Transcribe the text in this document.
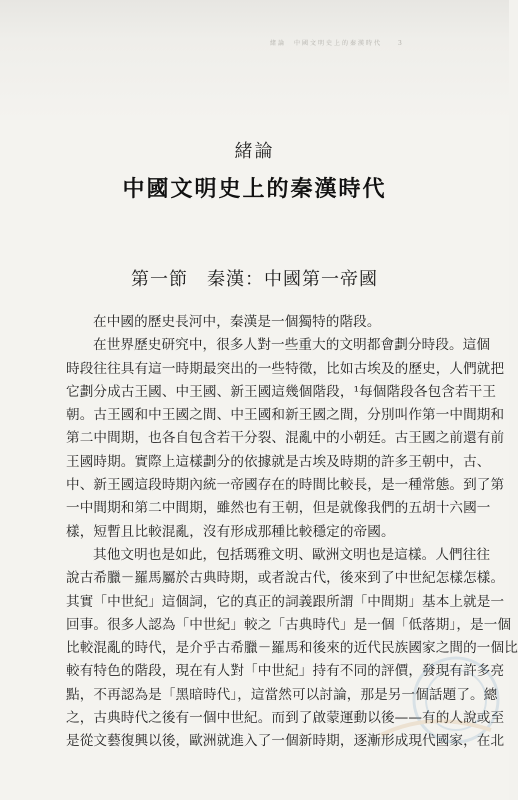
緒論　中國文明史上的秦漢時代　　3
緒論
中國文明史上的秦漢時代
第一節　秦漢：中國第一帝國
在中國的歷史長河中，秦漢是一個獨特的階段。
在世界歷史研究中，很多人對一些重大的文明都會劃分時段。這個
時段往往具有這一時期最突出的一些特徵，比如古埃及的歷史，人們就把
它劃分成古王國、中王國、新王國這幾個階段，¹每個階段各包含若干王
朝。古王國和中王國之間、中王國和新王國之間，分別叫作第一中間期和
第二中間期，也各自包含若干分裂、混亂中的小朝廷。古王國之前還有前
王國時期。實際上這樣劃分的依據就是古埃及時期的許多王朝中，古、
中、新王國這段時期內統一帝國存在的時間比較長，是一種常態。到了第
一中間期和第二中間期，雖然也有王朝，但是就像我們的五胡十六國一
樣，短暫且比較混亂，沒有形成那種比較穩定的帝國。
其他文明也是如此，包括瑪雅文明、歐洲文明也是這樣。人們往往
說古希臘－羅馬屬於古典時期，或者說古代，後來到了中世紀怎樣怎樣。
其實「中世紀」這個詞，它的真正的詞義跟所謂「中間期」基本上就是一
回事。很多人認為「中世紀」較之「古典時代」是一個「低落期」，是一個
比較混亂的時代，是介乎古希臘－羅馬和後來的近代民族國家之間的一個比
較有特色的階段，現在有人對「中世紀」持有不同的評價，發現有許多亮
點，不再認為是「黑暗時代」，這當然可以討論，那是另一個話題了。總
之，古典時代之後有一個中世紀。而到了啟蒙運動以後——有的人說或至
是從文藝復興以後，歐洲就進入了一個新時期，逐漸形成現代國家，在北
